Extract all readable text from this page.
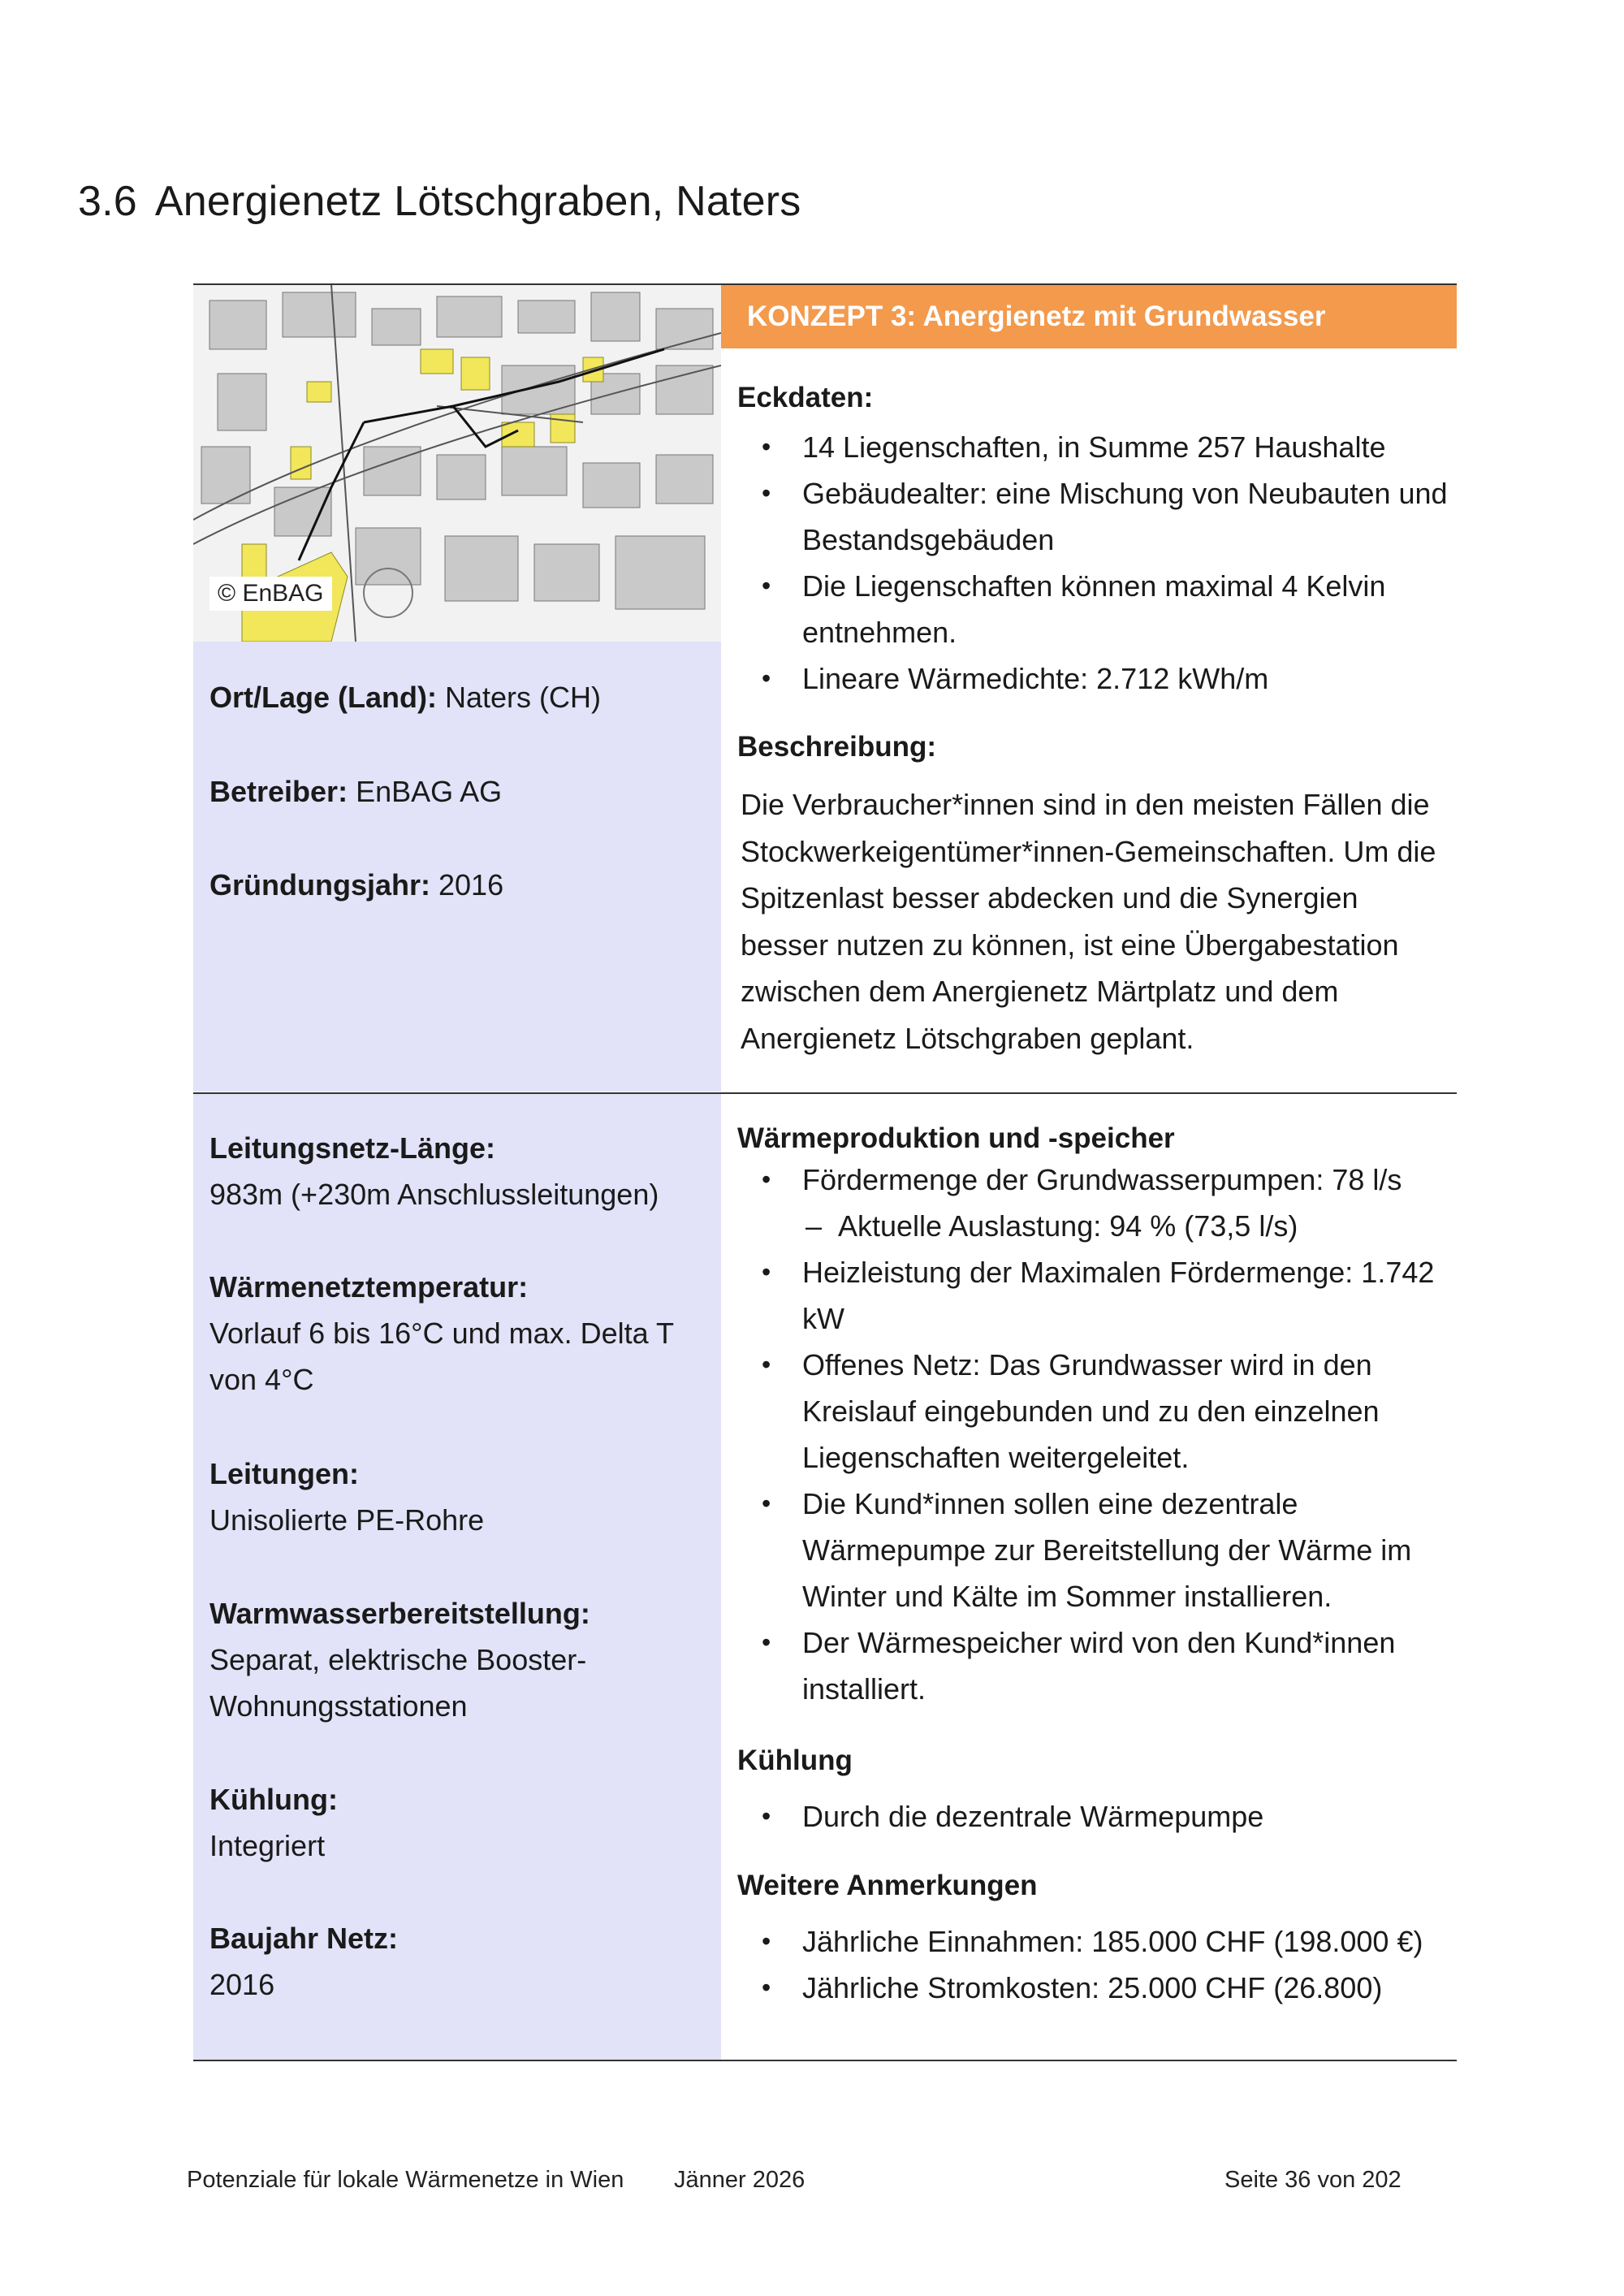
3.6 Anergienetz Lötschgraben, Naters
© EnBAG
Ort/Lage (Land): Naters (CH)
Betreiber: EnBAG AG
Gründungsjahr: 2016
KONZEPT 3: Anergienetz mit Grundwasser
Eckdaten:
• 14 Liegenschaften, in Summe 257 Haushalte
• Gebäudealter: eine Mischung von Neubauten und Bestandsgebäuden
• Die Liegenschaften können maximal 4 Kelvin entnehmen.
• Lineare Wärmedichte: 2.712 kWh/m
Beschreibung:
Die Verbraucher*innen sind in den meisten Fällen die Stockwerkeigentümer*innen-Gemeinschaften. Um die Spitzenlast besser abdecken und die Synergien besser nutzen zu können, ist eine Übergabestation zwischen dem Anergienetz Märtplatz und dem Anergienetz Lötschgraben geplant.
Leitungsnetz-Länge:
983m (+230m Anschlussleitungen)
Wärmenetztemperatur:
Vorlauf 6 bis 16°C und max. Delta T von 4°C
Leitungen:
Unisolierte PE-Rohre
Warmwasserbereitstellung:
Separat, elektrische Booster-Wohnungsstationen
Kühlung:
Integriert
Baujahr Netz:
2016
Wärmeproduktion und -speicher
• Fördermenge der Grundwasserpumpen: 78 l/s
– Aktuelle Auslastung: 94 % (73,5 l/s)
• Heizleistung der Maximalen Fördermenge: 1.742 kW
• Offenes Netz: Das Grundwasser wird in den Kreislauf eingebunden und zu den einzelnen Liegenschaften weitergeleitet.
• Die Kund*innen sollen eine dezentrale Wärmepumpe zur Bereitstellung der Wärme im Winter und Kälte im Sommer installieren.
• Der Wärmespeicher wird von den Kund*innen installiert.
Kühlung
• Durch die dezentrale Wärmepumpe
Weitere Anmerkungen
• Jährliche Einnahmen: 185.000 CHF (198.000 €)
• Jährliche Stromkosten: 25.000 CHF (26.800)
Potenziale für lokale Wärmenetze in Wien Jänner 2026	Seite 36 von 202
